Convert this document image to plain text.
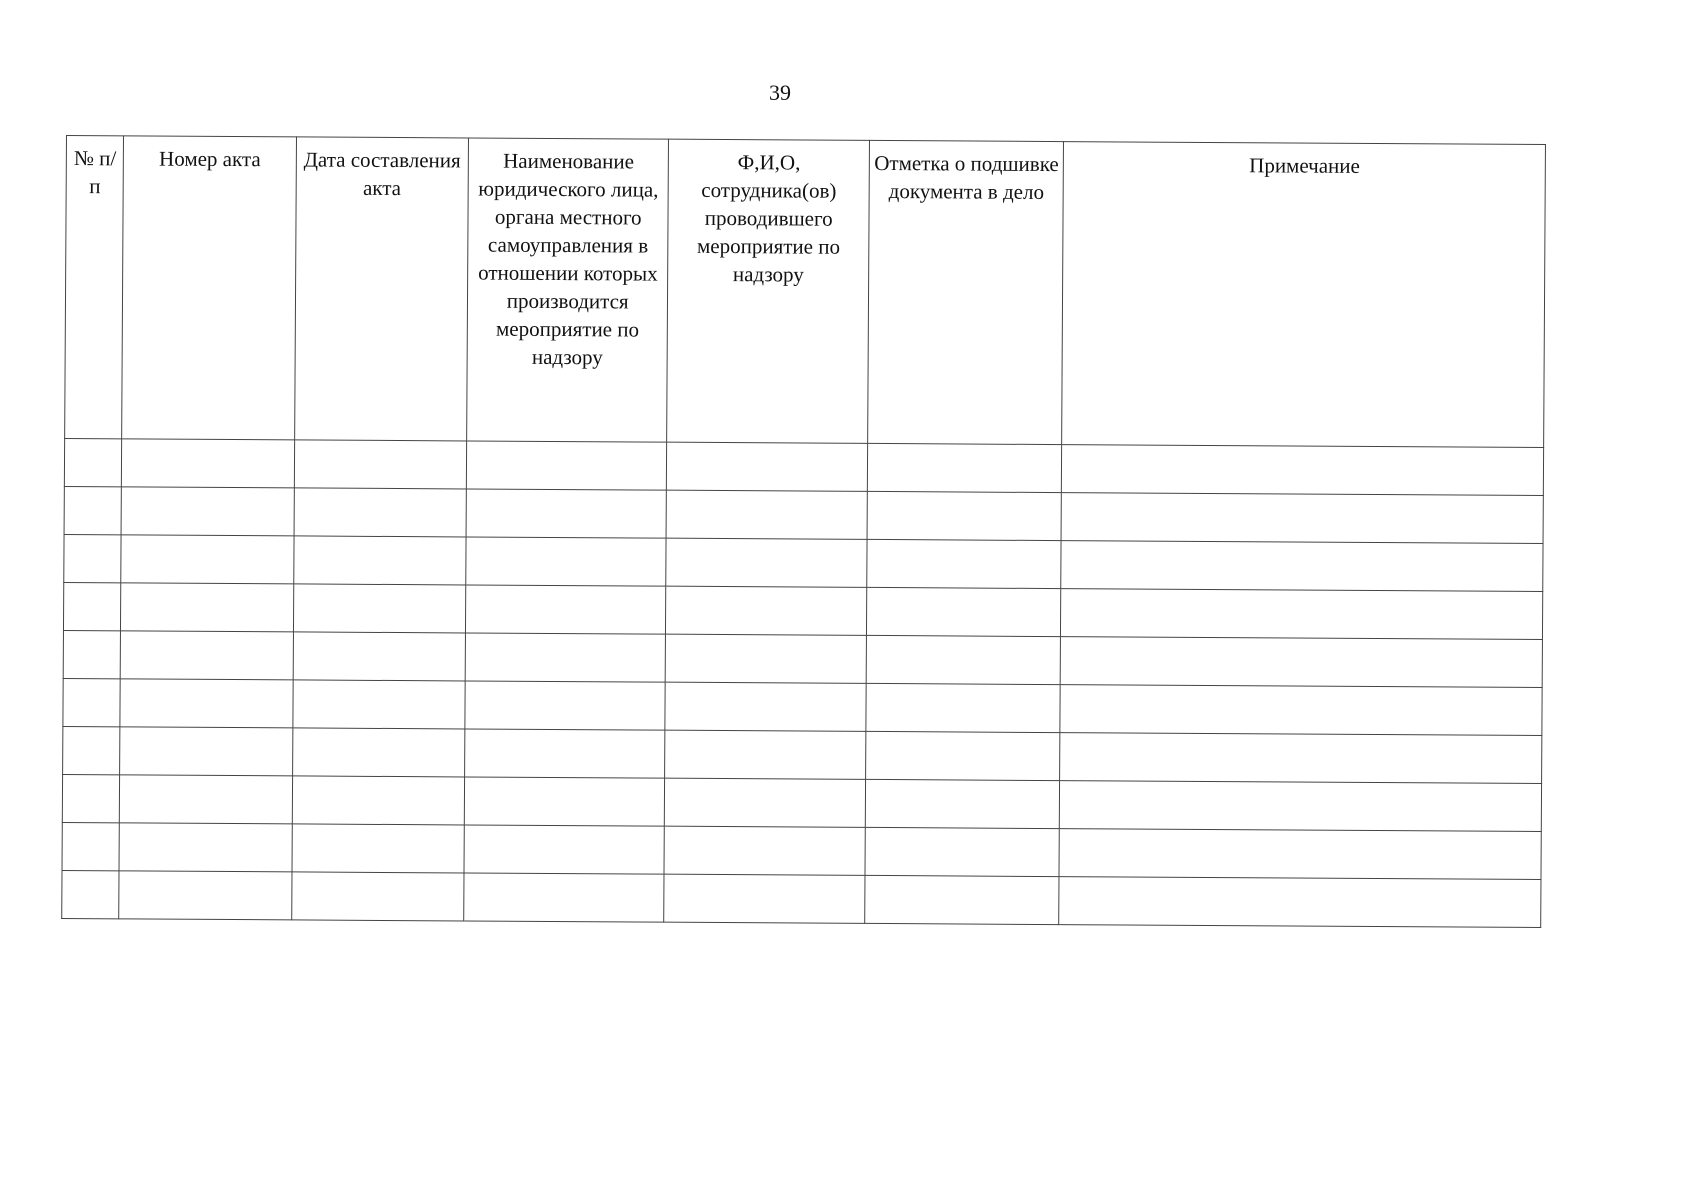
39
№ п/п	Номер акта	Дата составления акта	Наименование юридического лица, органа местного самоуправления в отношении которых производится мероприятие по надзору	Ф,И,О, сотрудника(ов) проводившего мероприятие по надзору	Отметка о подшивке документа в дело	Примечание
